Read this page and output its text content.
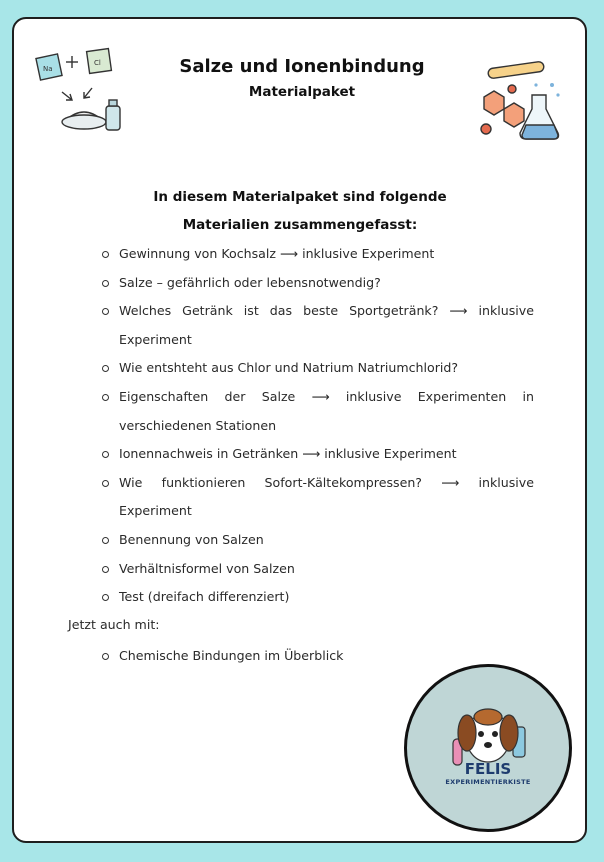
Na
Cl	Salze und Ionenbindung
Materialpaket
In diesem Materialpaket sind folgende Materialien zusammengefasst:
Gewinnung von Kochsalz ⟶ inklusive Experiment
Salze – gefährlich oder lebensnotwendig?
Welches Getränk ist das beste Sportgetränk? ⟶ inklusive Experiment
Wie entshteht aus Chlor und Natrium Natriumchlorid?
Eigenschaften der Salze ⟶ inklusive Experimenten in verschiedenen Stationen
Ionennachweis in Getränken ⟶ inklusive Experiment
Wie funktionieren Sofort-Kältekompressen? ⟶ inklusive Experiment
Benennung von Salzen
Verhältnisformel von Salzen
Test (dreifach differenziert)
Jetzt auch mit:
Chemische Bindungen im Überblick
FELIS
EXPERIMENTIERKISTE
